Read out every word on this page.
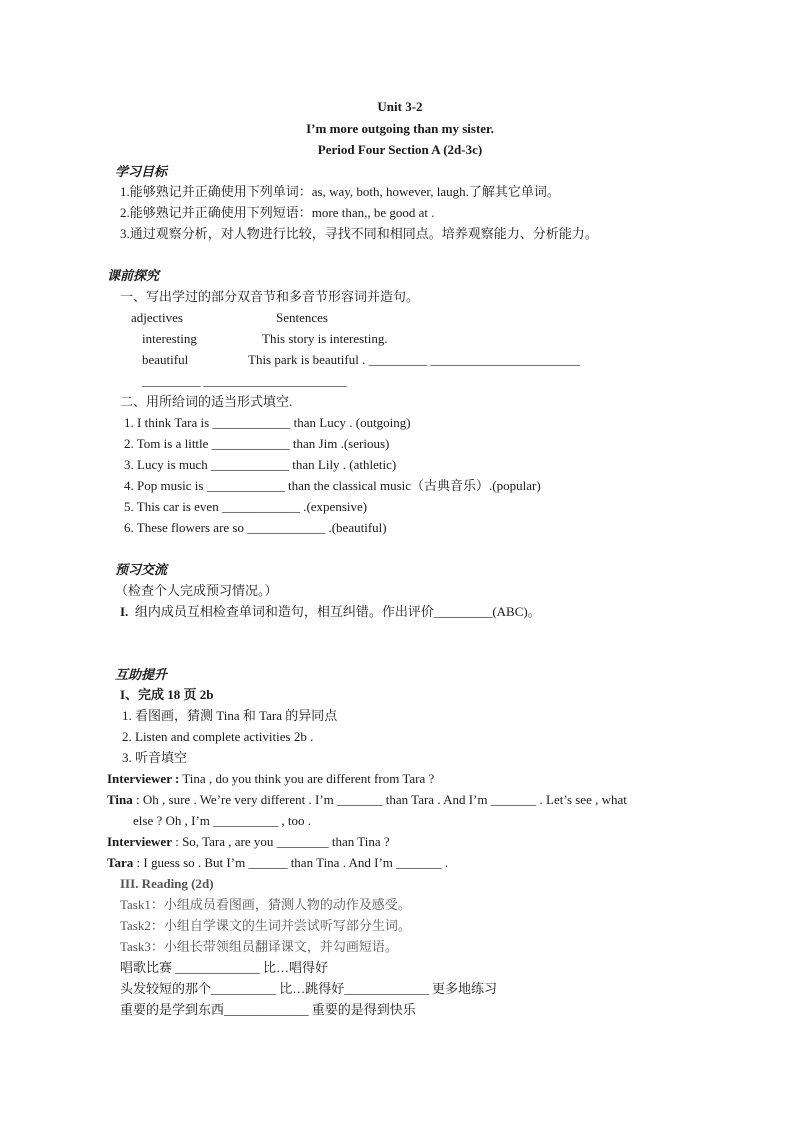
Unit 3-2
I’m more outgoing than my sister.
Period Four Section A (2d-3c)
学习目标
1.能够熟记并正确使用下列单词：as, way, both, however, laugh.了解其它单词。
2.能够熟记并正确使用下列短语：more than,, be good at .
3.通过观察分析，对人物进行比较，寻找不同和相同点。培养观察能力、分析能力。
课前探究
一、写出学过的部分双音节和多音节形容词并造句。
adjectives	Sentences
interesting	This story is interesting.
beautiful	This park is beautiful . _________ _______________________
_________ ______________________
二、用所给词的适当形式填空.
1. I think Tara is ____________ than Lucy . (outgoing)
2. Tom is a little ____________ than Jim .(serious)
3. Lucy is much ____________ than Lily . (athletic)
4. Pop music is ____________ than the classical music（古典音乐）.(popular)
5. This car is even ____________ .(expensive)
6. These flowers are so ____________ .(beautiful)
预习交流
（检查个人完成预习情况。）
I. 组内成员互相检查单词和造句，相互纠错。作出评价_________(ABC)。
互助提升
I、完成 18 页 2b
1. 看图画，猜测 Tina 和 Tara 的异同点
2. Listen and complete activities 2b .
3. 听音填空
Interviewer : Tina , do you think you are different from Tara ?
Tina : Oh , sure . We’re very different . I’m _______ than Tara . And I’m _______ . Let’s see , what
else ? Oh , I’m __________ , too .
Interviewer : So, Tara , are you ________ than Tina ?
Tara : I guess so . But I’m ______ than Tina . And I’m _______ .
III. Reading (2d)
Task1：小组成员看图画，猜测人物的动作及感受。
Task2：小组自学课文的生词并尝试听写部分生词。
Task3：小组长带领组员翻译课文，并勾画短语。
唱歌比赛 _____________ 比…唱得好
头发较短的那个__________ 比…跳得好_____________ 更多地练习
重要的是学到东西_____________ 重要的是得到快乐
